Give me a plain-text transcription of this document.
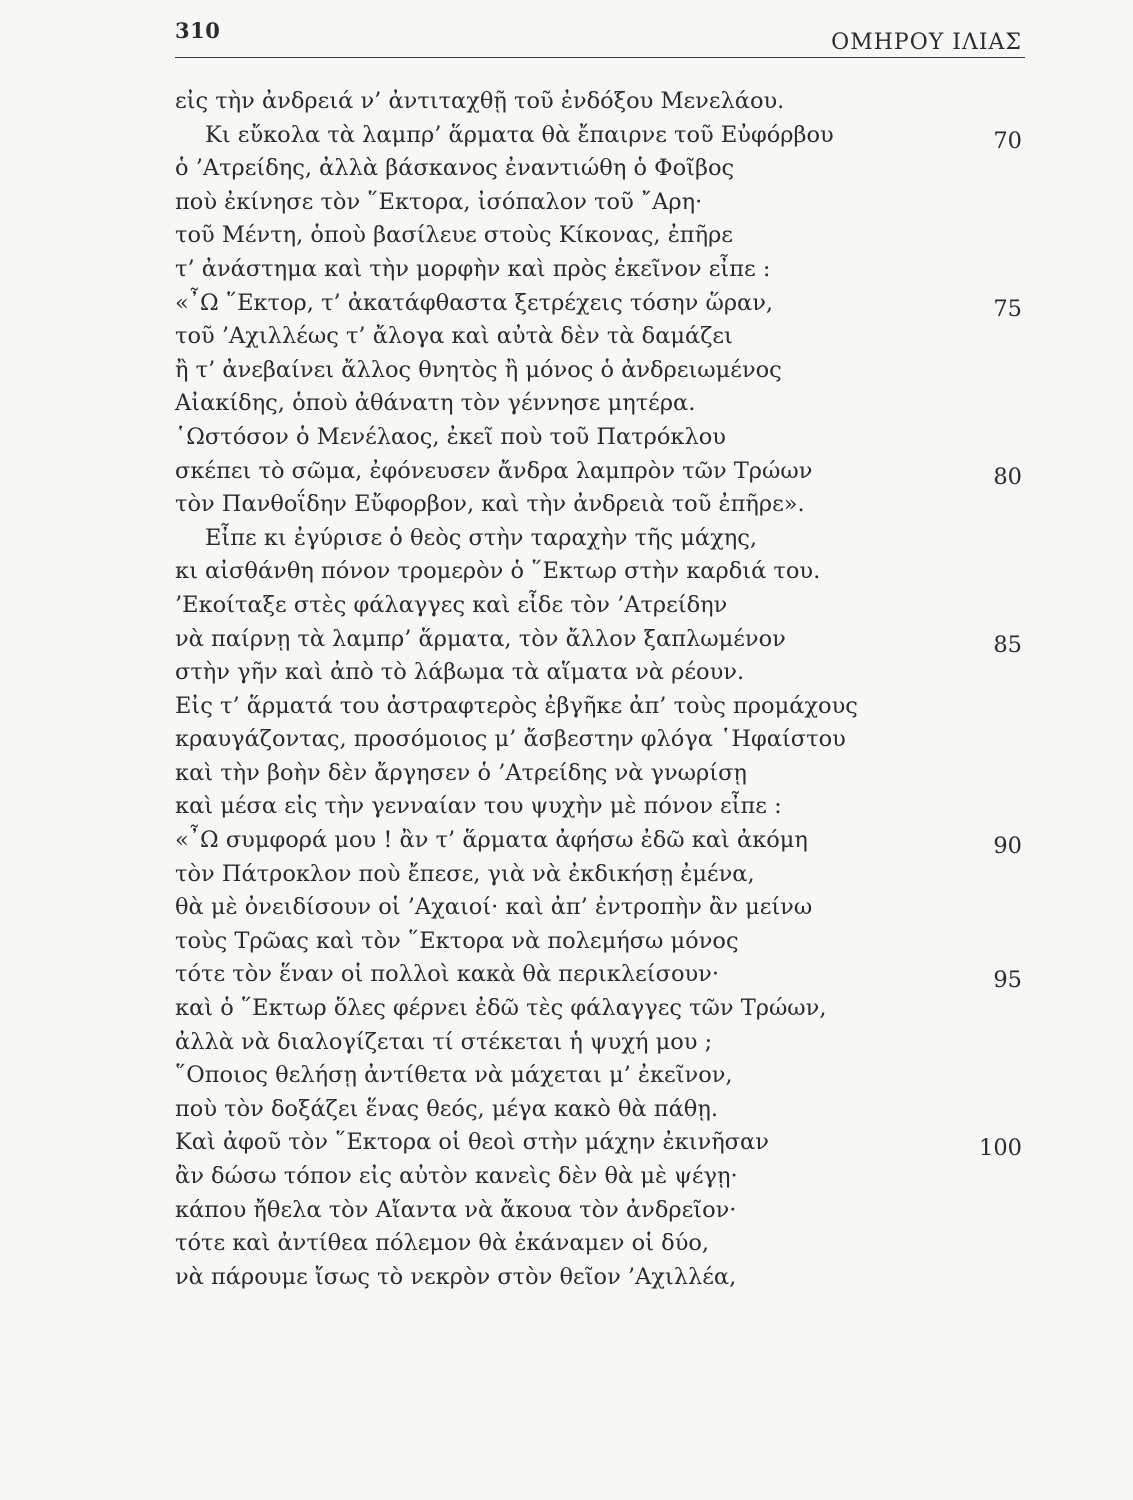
310	ΟΜΗΡΟΥ ΙΛΙΑΣ
εἰς τὴν ἀνδρειά ν’ ἀντιταχθῇ τοῦ ἐνδόξου Μενελάου.
Κι εὔκολα τὰ λαμπρ’ ἅρματα θὰ ἔπαιρνε τοῦ Εὐφόρβου	70
ὁ ’Ατρείδης, ἀλλὰ βάσκανος ἐναντιώθη ὁ Φοῖβος
ποὺ ἐκίνησε τὸν ῞Εκτορα, ἰσόπαλον τοῦ ῎Αρη·
τοῦ Μέντη, ὁποὺ βασίλευε στοὺς Κίκονας, ἐπῆρε
τ’ ἀνάστημα καὶ τὴν μορφὴν καὶ πρὸς ἐκεῖνον εἶπε :
«῏Ω ῞Εκτορ, τ’ ἀκατάφθαστα ξετρέχεις τόσην ὥραν,	75
τοῦ ’Αχιλλέως τ’ ἄλογα καὶ αὐτὰ δὲν τὰ δαμάζει
ἢ τ’ ἀνεβαίνει ἄλλος θνητὸς ἢ μόνος ὁ ἀνδρειωμένος
Αἰακίδης, ὁποὺ ἀθάνατη τὸν γέννησε μητέρα.
῾Ωστόσον ὁ Μενέλαος, ἐκεῖ ποὺ τοῦ Πατρόκλου
σκέπει τὸ σῶμα, ἐφόνευσεν ἄνδρα λαμπρὸν τῶν Τρώων	80
τὸν Πανθοΐδην Εὔφορβον, καὶ τὴν ἀνδρειὰ τοῦ ἐπῆρε».
Εἶπε κι ἐγύρισε ὁ θεὸς στὴν ταραχὴν τῆς μάχης,
κι αἰσθάνθη πόνον τρομερὸν ὁ ῞Εκτωρ στὴν καρδιά του.
’Εκοίταξε στὲς φάλαγγες καὶ εἶδε τὸν ’Ατρείδην
νὰ παίρνῃ τὰ λαμπρ’ ἅρματα, τὸν ἄλλον ξαπλωμένον	85
στὴν γῆν καὶ ἀπὸ τὸ λάβωμα τὰ αἵματα νὰ ρέουν.
Εἰς τ’ ἅρματά του ἀστραφτερὸς ἐβγῆκε ἀπ’ τοὺς προμάχους
κραυγάζοντας, προσόμοιος μ’ ἄσβεστην φλόγα ῾Ηφαίστου
καὶ τὴν βοὴν δὲν ἄργησεν ὁ ’Ατρείδης νὰ γνωρίσῃ
καὶ μέσα εἰς τὴν γενναίαν του ψυχὴν μὲ πόνον εἶπε :
«῏Ω συμφορά μου ! ἂν τ’ ἅρματα ἀφήσω ἐδῶ καὶ ἀκόμη	90
τὸν Πάτροκλον ποὺ ἔπεσε, γιὰ νὰ ἐκδικήσῃ ἐμένα,
θὰ μὲ ὀνειδίσουν οἱ ’Αχαιοί· καὶ ἀπ’ ἐντροπὴν ἂν μείνω
τοὺς Τρῶας καὶ τὸν ῞Εκτορα νὰ πολεμήσω μόνος
τότε τὸν ἕναν οἱ πολλοὶ κακὰ θὰ περικλείσουν·	95
καὶ ὁ ῞Εκτωρ ὅλες φέρνει ἐδῶ τὲς φάλαγγες τῶν Τρώων,
ἀλλὰ νὰ διαλογίζεται τί στέκεται ἡ ψυχή μου ;
῞Οποιος θελήσῃ ἀντίθετα νὰ μάχεται μ’ ἐκεῖνον,
ποὺ τὸν δοξάζει ἕνας θεός, μέγα κακὸ θὰ πάθῃ.
Καὶ ἀφοῦ τὸν ῞Εκτορα οἱ θεοὶ στὴν μάχην ἐκινῆσαν	100
ἂν δώσω τόπον εἰς αὐτὸν κανεὶς δὲν θὰ μὲ ψέγῃ·
κάπου ἤθελα τὸν Αἴαντα νὰ ἄκουα τὸν ἀνδρεῖον·
τότε καὶ ἀντίθεα πόλεμον θὰ ἐκάναμεν οἱ δύο,
νὰ πάρουμε ἴσως τὸ νεκρὸν στὸν θεῖον ’Αχιλλέα,
